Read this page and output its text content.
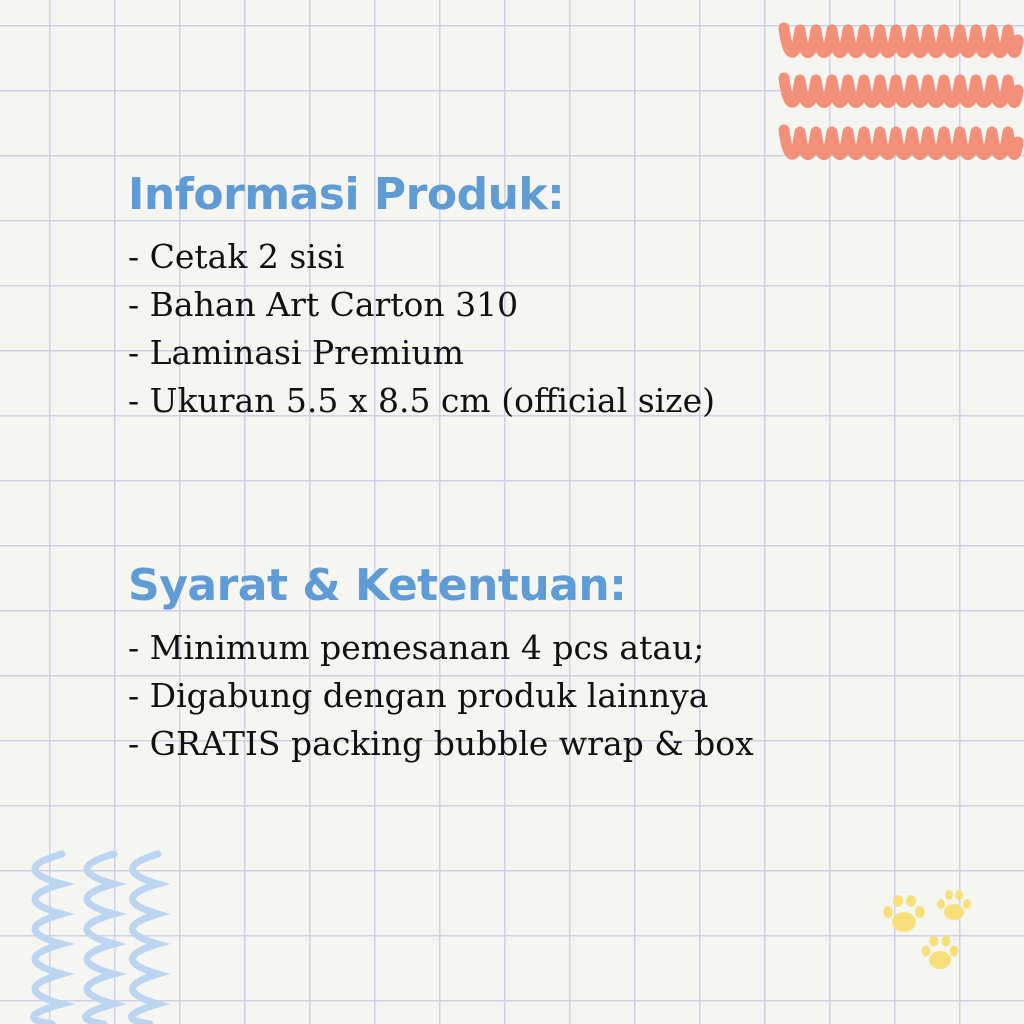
Informasi Produk:
- Cetak 2 sisi
- Bahan Art Carton 310
- Laminasi Premium
- Ukuran 5.5 x 8.5 cm (official size)
Syarat & Ketentuan:
- Minimum pemesanan 4 pcs atau;
- Digabung dengan produk lainnya
- GRATIS packing bubble wrap & box
